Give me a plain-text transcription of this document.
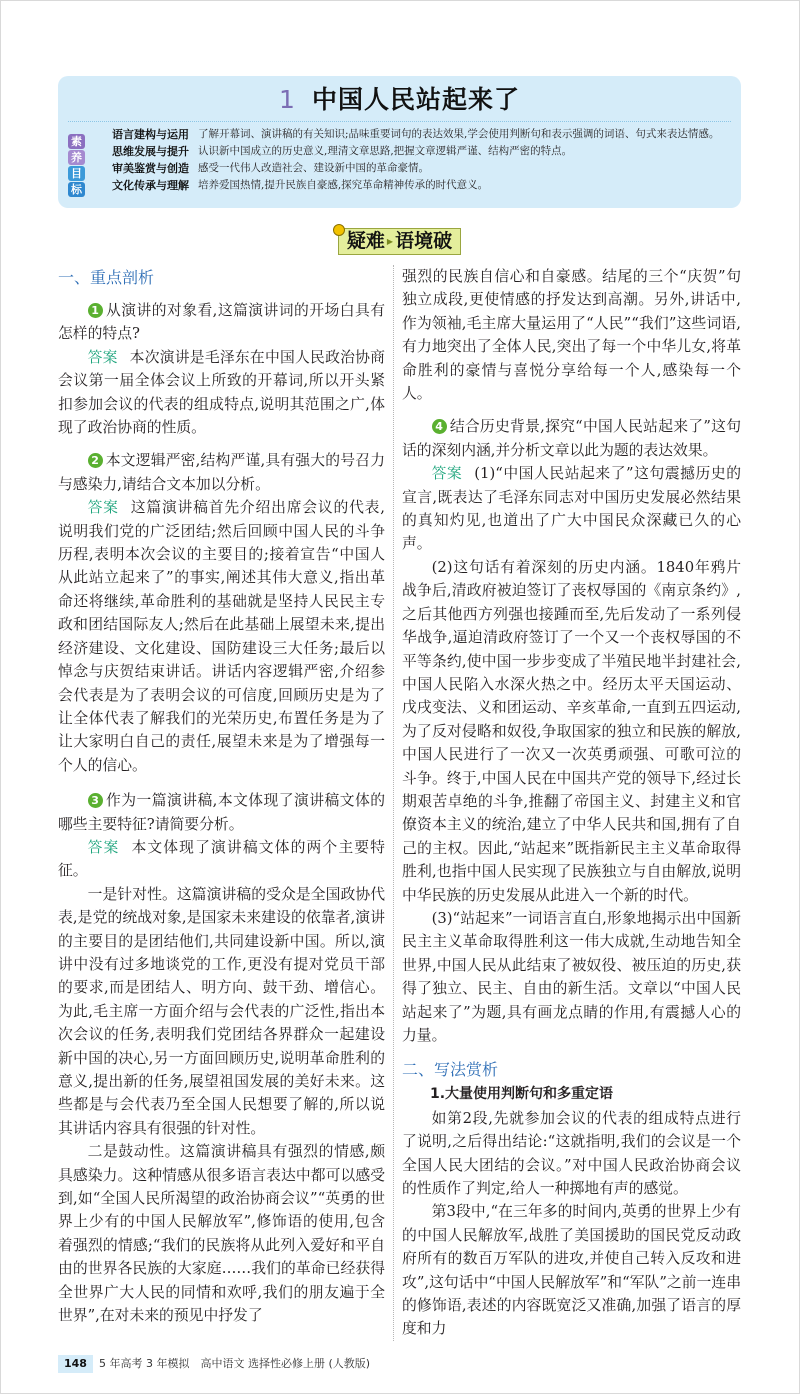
1 中国人民站起来了
素
养
目
标
语言建构与运用 了解开幕词、演讲稿的有关知识;品味重要词句的表达效果,学会使用判断句和表示强调的词语、句式来表达情感。
思维发展与提升 认识新中国成立的历史意义,理清文章思路,把握文章逻辑严谨、结构严密的特点。
审美鉴赏与创造 感受一代伟人改造社会、建设新中国的革命豪情。
文化传承与理解 培养爱国热情,提升民族自豪感,探究革命精神传承的时代意义。
疑难 ▶ 语境破
一、重点剖析

1 从演讲的对象看,这篇演讲词的开场白具有怎样的特点?

答案 本次演讲是毛泽东在中国人民政治协商会议第一届全体会议上所致的开幕词,所以开头紧扣参加会议的代表的组成特点,说明其范围之广,体现了政治协商的性质。

2 本文逻辑严密,结构严谨,具有强大的号召力与感染力,请结合文本加以分析。

答案 这篇演讲稿首先介绍出席会议的代表,说明我们党的广泛团结;然后回顾中国人民的斗争历程,表明本次会议的主要目的;接着宣告“中国人从此站立起来了”的事实,阐述其伟大意义,指出革命还将继续,革命胜利的基础就是坚持人民民主专政和团结国际友人;然后在此基础上展望未来,提出经济建设、文化建设、国防建设三大任务;最后以悼念与庆贺结束讲话。讲话内容逻辑严密,介绍参会代表是为了表明会议的可信度,回顾历史是为了让全体代表了解我们的光荣历史,布置任务是为了让大家明白自己的责任,展望未来是为了增强每一个人的信心。

3 作为一篇演讲稿,本文体现了演讲稿文体的哪些主要特征?请简要分析。

答案 本文体现了演讲稿文体的两个主要特征。

一是针对性。这篇演讲稿的受众是全国政协代表,是党的统战对象,是国家未来建设的依靠者,演讲的主要目的是团结他们,共同建设新中国。所以,演讲中没有过多地谈党的工作,更没有提对党员干部的要求,而是团结人、明方向、鼓干劲、增信心。为此,毛主席一方面介绍与会代表的广泛性,指出本次会议的任务,表明我们党团结各界群众一起建设新中国的决心,另一方面回顾历史,说明革命胜利的意义,提出新的任务,展望祖国发展的美好未来。这些都是与会代表乃至全国人民想要了解的,所以说其讲话内容具有很强的针对性。

二是鼓动性。这篇演讲稿具有强烈的情感,颇具感染力。这种情感从很多语言表达中都可以感受到,如“全国人民所渴望的政治协商会议”“英勇的世界上少有的中国人民解放军”,修饰语的使用,包含着强烈的情感;“我们的民族将从此列入爱好和平自由的世界各民族的大家庭……我们的革命已经获得全世界广大人民的同情和欢呼,我们的朋友遍于全世界”,在对未来的预见中抒发了

强烈的民族自信心和自豪感。结尾的三个“庆贺”句独立成段,更使情感的抒发达到高潮。另外,讲话中,作为领袖,毛主席大量运用了“人民”“我们”这些词语,有力地突出了全体人民,突出了每一个中华儿女,将革命胜利的豪情与喜悦分享给每一个人,感染每一个人。

4 结合历史背景,探究“中国人民站起来了”这句话的深刻内涵,并分析文章以此为题的表达效果。

答案 (1)“中国人民站起来了”这句震撼历史的宣言,既表达了毛泽东同志对中国历史发展必然结果的真知灼见,也道出了广大中国民众深藏已久的心声。

(2)这句话有着深刻的历史内涵。1840年鸦片战争后,清政府被迫签订了丧权辱国的《南京条约》,之后其他西方列强也接踵而至,先后发动了一系列侵华战争,逼迫清政府签订了一个又一个丧权辱国的不平等条约,使中国一步步变成了半殖民地半封建社会,中国人民陷入水深火热之中。经历太平天国运动、戊戌变法、义和团运动、辛亥革命,一直到五四运动,为了反对侵略和奴役,争取国家的独立和民族的解放,中国人民进行了一次又一次英勇顽强、可歌可泣的斗争。终于,中国人民在中国共产党的领导下,经过长期艰苦卓绝的斗争,推翻了帝国主义、封建主义和官僚资本主义的统治,建立了中华人民共和国,拥有了自己的主权。因此,“站起来”既指新民主主义革命取得胜利,也指中国人民实现了民族独立与自由解放,说明中华民族的历史发展从此进入一个新的时代。

(3)“站起来”一词语言直白,形象地揭示出中国新民主主义革命取得胜利这一伟大成就,生动地告知全世界,中国人民从此结束了被奴役、被压迫的历史,获得了独立、民主、自由的新生活。文章以“中国人民站起来了”为题,具有画龙点睛的作用,有震撼人心的力量。

二、写法赏析
1.大量使用判断句和多重定语

如第2段,先就参加会议的代表的组成特点进行了说明,之后得出结论:“这就指明,我们的会议是一个全国人民大团结的会议。”对中国人民政治协商会议的性质作了判定,给人一种掷地有声的感觉。

第3段中,“在三年多的时间内,英勇的世界上少有的中国人民解放军,战胜了美国援助的国民党反动政府所有的数百万军队的进攻,并使自己转入反攻和进攻”,这句话中“中国人民解放军”和“军队”之前一连串的修饰语,表述的内容既宽泛又准确,加强了语言的厚度和力

148 5 年高考 3 年模拟　高中语文 选择性必修上册 (人教版)
